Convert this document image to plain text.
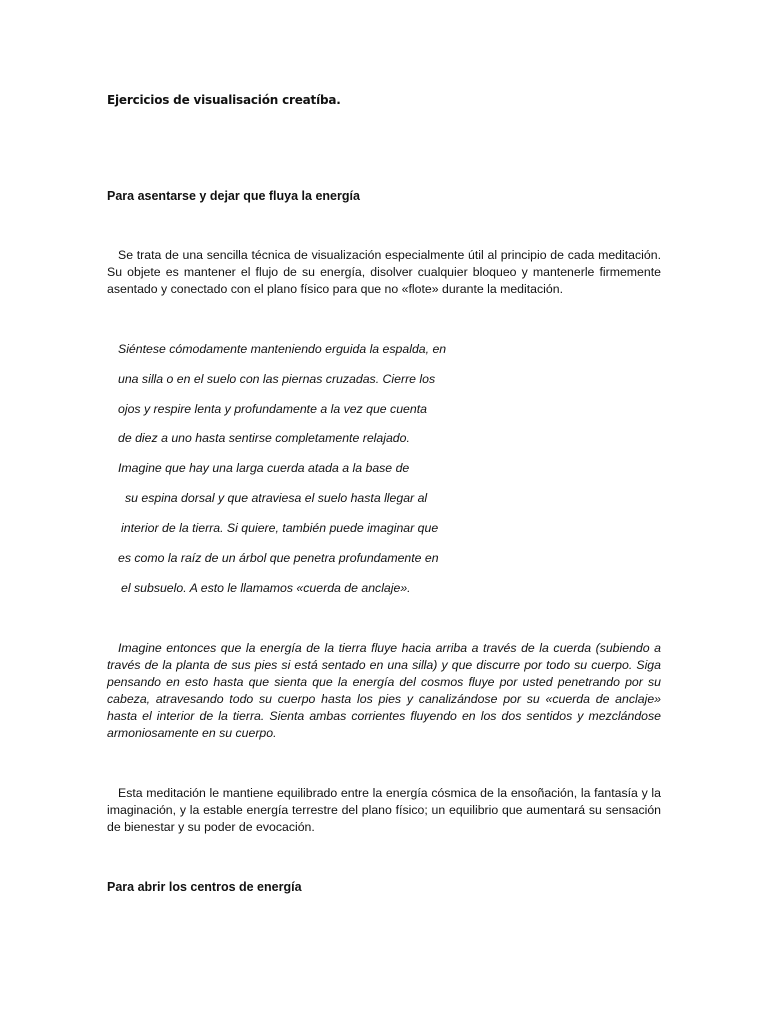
Ejercicios de visualisación creatíba.
Para asentarse y dejar que fluya la energía

Se trata de una sencilla técnica de visualización especialmente útil al principio de cada meditación. Su objete es mantener el flujo de su energía, disolver cualquier bloqueo y mantenerle firmemente asentado y conectado con el plano físico para que no «flote» durante la meditación.

Siéntese cómodamente manteniendo erguida la espalda, en
una silla o en el suelo con las piernas cruzadas. Cierre los
ojos y respire lenta y profundamente a la vez que cuenta
de diez a uno hasta sentirse completamente relajado.
Imagine que hay una larga cuerda atada a la base de
su espina dorsal y que atraviesa el suelo hasta llegar al
interior de la tierra. Si quiere, también puede imaginar que
es como la raíz de un árbol que penetra profundamente en
el subsuelo. A esto le llamamos «cuerda de anclaje».

Imagine entonces que la energía de la tierra fluye hacia arriba a través de la cuerda (subiendo a través de la planta de sus pies si está sentado en una silla) y que discurre por todo su cuerpo. Siga pensando en esto hasta que sienta que la energía del cosmos fluye por usted penetrando por su cabeza, atravesando todo su cuerpo hasta los pies y canalizándose por su «cuerda de anclaje» hasta el interior de la tierra. Sienta ambas corrientes fluyendo en los dos sentidos y mezclándose armoniosamente en su cuerpo.

Esta meditación le mantiene equilibrado entre la energía cósmica de la ensoñación, la fantasía y la imaginación, y la estable energía terrestre del plano físico; un equilibrio que aumentará su sensación de bienestar y su poder de evocación.

Para abrir los centros de energía
